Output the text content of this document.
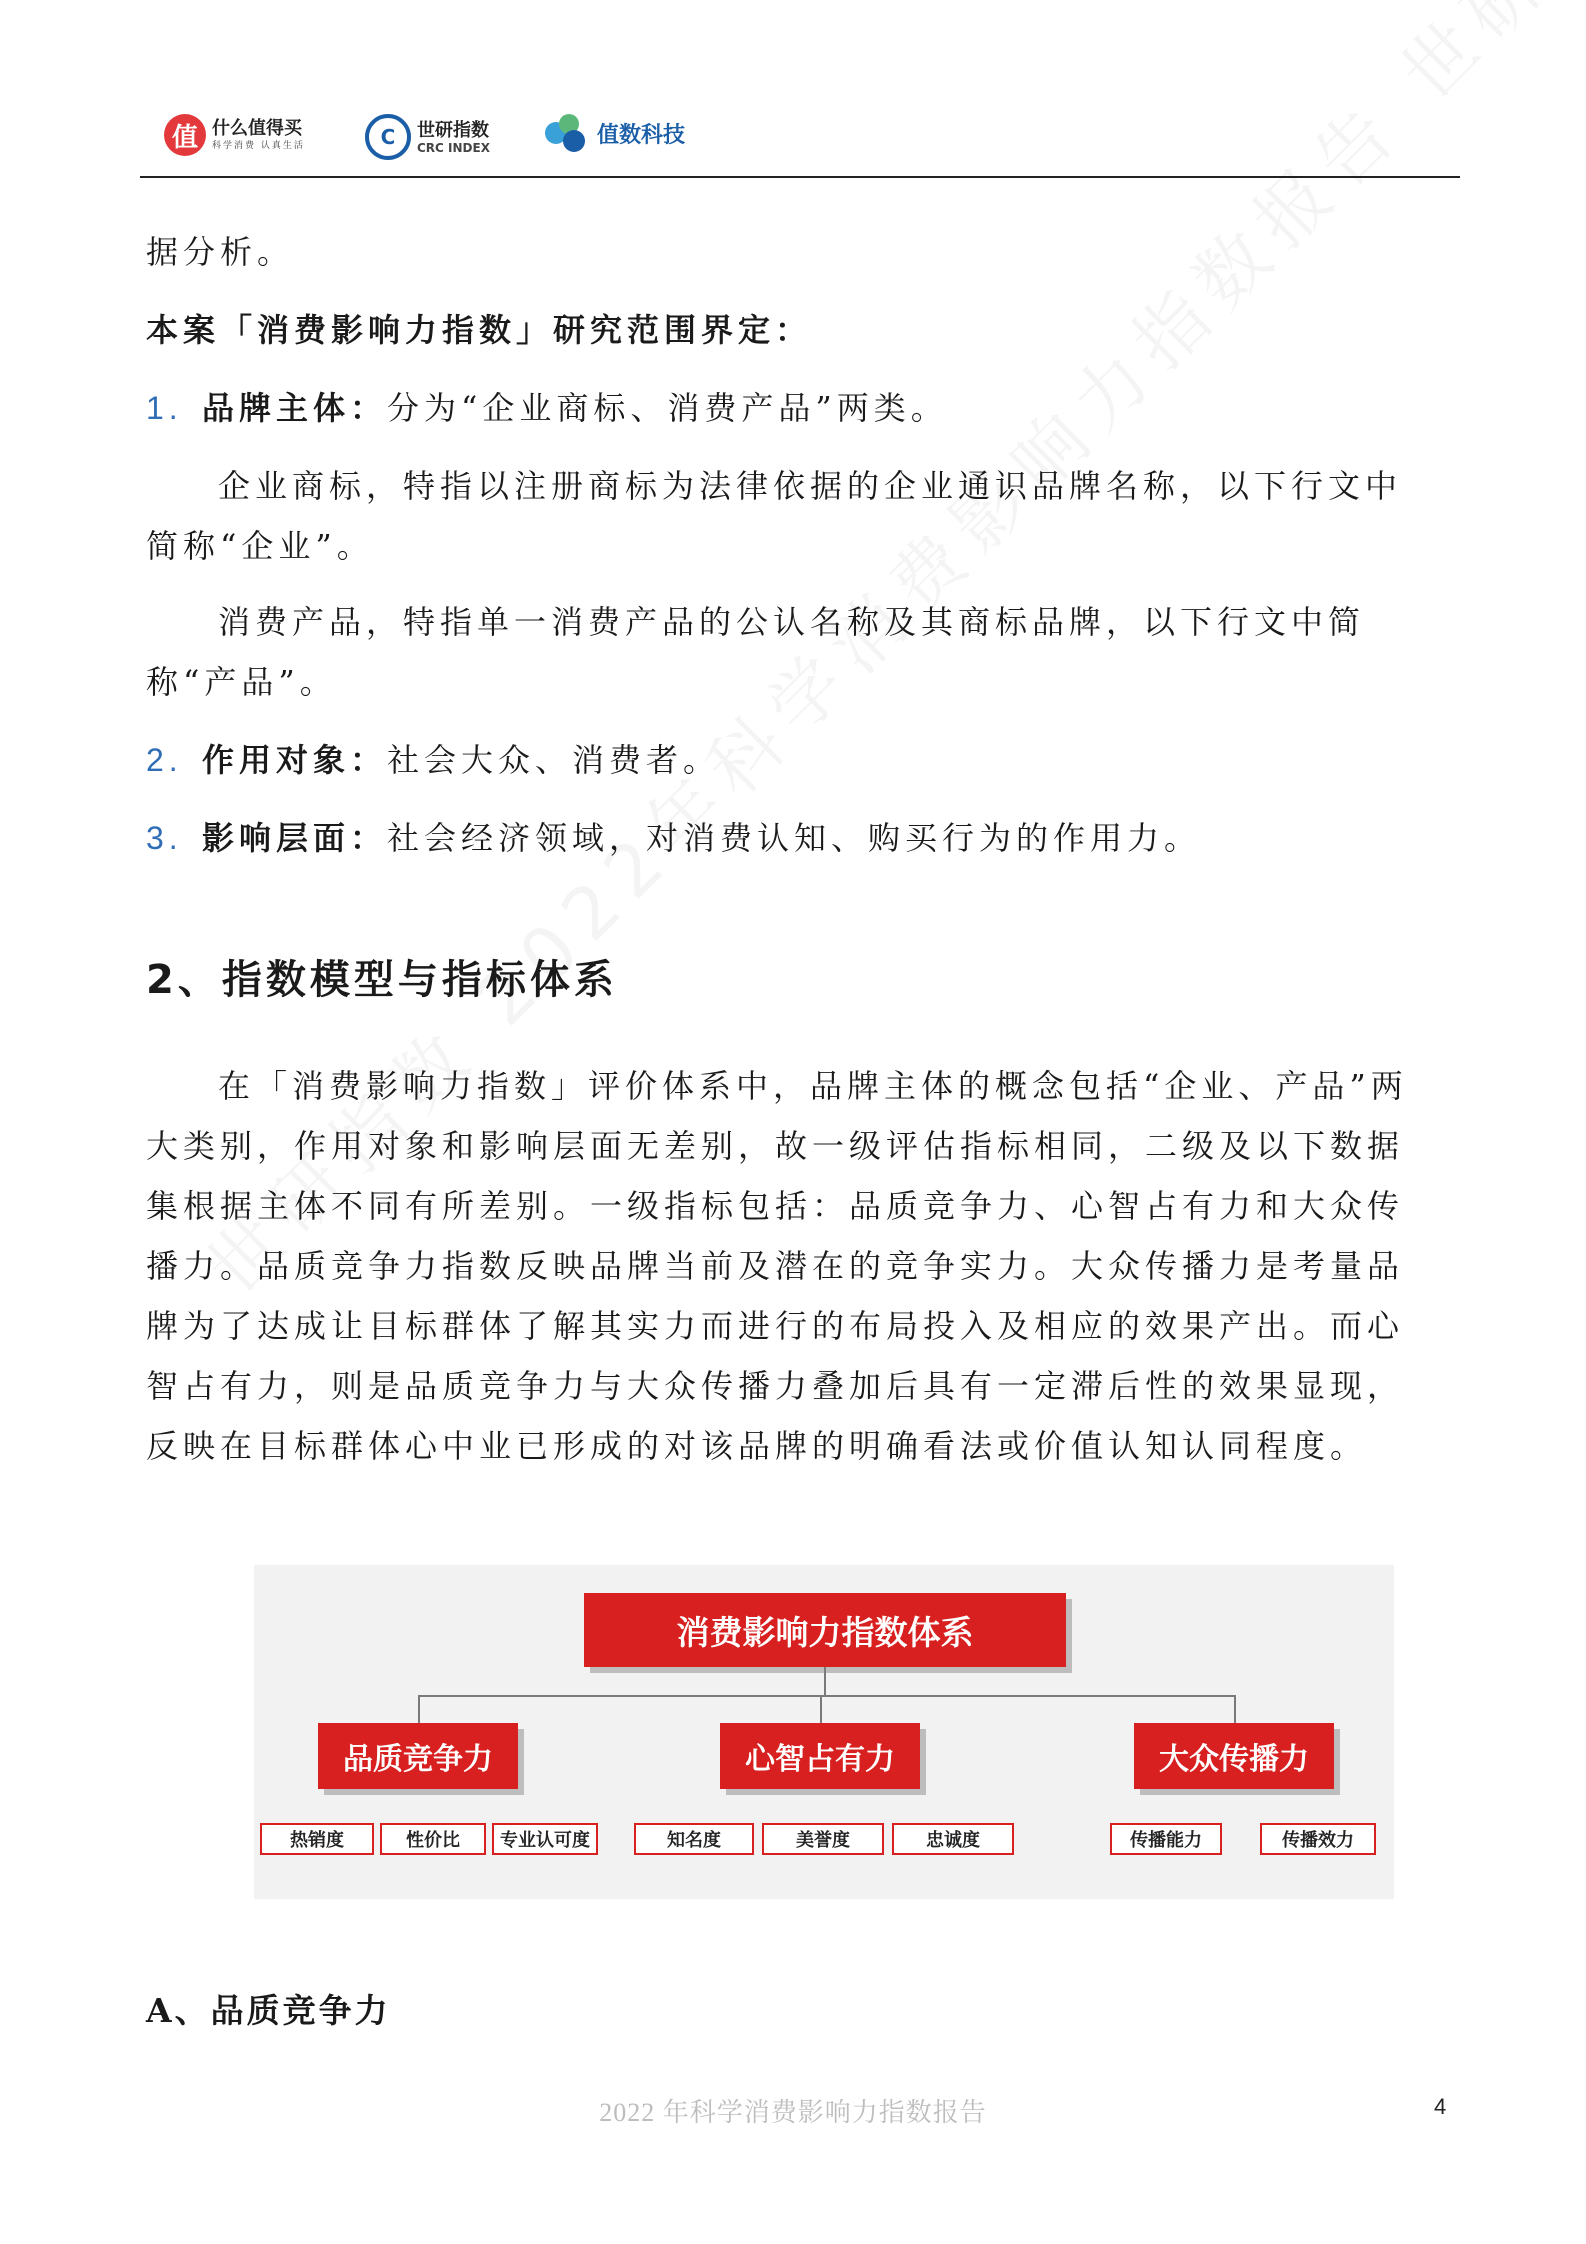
值 什么值得买
科学消费 认真生活	C	世研指数
CRC INDEX
值数科技

据分析。

本案「消费影响力指数」研究范围界定：

1. 品牌主体：分为“企业商标、消费产品”两类。

企业商标，特指以注册商标为法律依据的企业通识品牌名称，以下行文中简称“企业”。

消费产品，特指单一消费产品的公认名称及其商标品牌，以下行文中简称“产品”。

2. 作用对象：社会大众、消费者。

3. 影响层面：社会经济领域，对消费认知、购买行为的作用力。

2、指数模型与指标体系

在「消费影响力指数」评价体系中，品牌主体的概念包括“企业、产品”两大类别，作用对象和影响层面无差别，故一级评估指标相同，二级及以下数据集根据主体不同有所差别。一级指标包括：品质竞争力、心智占有力和大众传播力。品质竞争力指数反映品牌当前及潜在的竞争实力。大众传播力是考量品牌为了达成让目标群体了解其实力而进行的布局投入及相应的效果产出。而心智占有力，则是品质竞争力与大众传播力叠加后具有一定滞后性的效果显现，反映在目标群体心中业已形成的对该品牌的明确看法或价值认知认同程度。

消费影响力指数体系
品质竞争力	心智占有力	大众传播力
热销度	性价比	专业认可度	知名度	美誉度	忠诚度	传播能力	传播效力
A、品质竞争力
2022 年科学消费影响力指数报告	4
